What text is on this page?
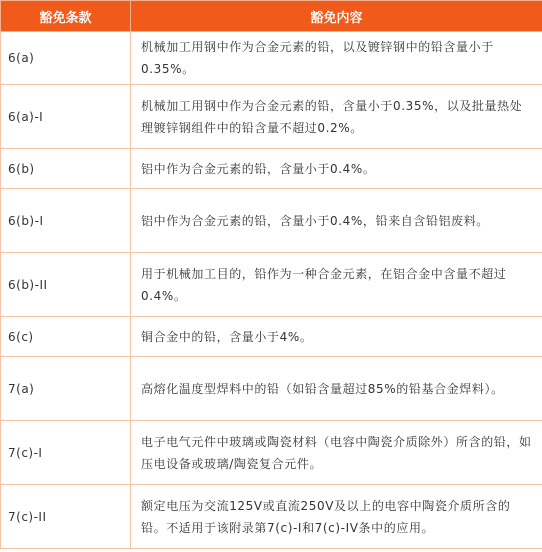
豁免条款	豁免内容
6(a)	机械加工用钢中作为合金元素的铅，以及镀锌钢中的铅含量小于0.35%。
6(a)-I	机械加工用钢中作为合金元素的铅，含量小于0.35%，以及批量热处理镀锌钢组件中的铅含量不超过0.2%。
6(b)	铝中作为合金元素的铅，含量小于0.4%。
6(b)-I	铝中作为合金元素的铅，含量小于0.4%，铅来自含铅铝废料。
6(b)-II	用于机械加工目的，铅作为一种合金元素，在铝合金中含量不超过0.4%。
6(c)	铜合金中的铅，含量小于4%。
7(a)	高熔化温度型焊料中的铅（如铅含量超过85%的铅基合金焊料）。
7(c)-I	电子电气元件中玻璃或陶瓷材料（电容中陶瓷介质除外）所含的铅，如压电设备或玻璃/陶瓷复合元件。
7(c)-II	额定电压为交流125V或直流250V及以上的电容中陶瓷介质所含的铅。不适用于该附录第7(c)-I和7(c)-IV条中的应用。
